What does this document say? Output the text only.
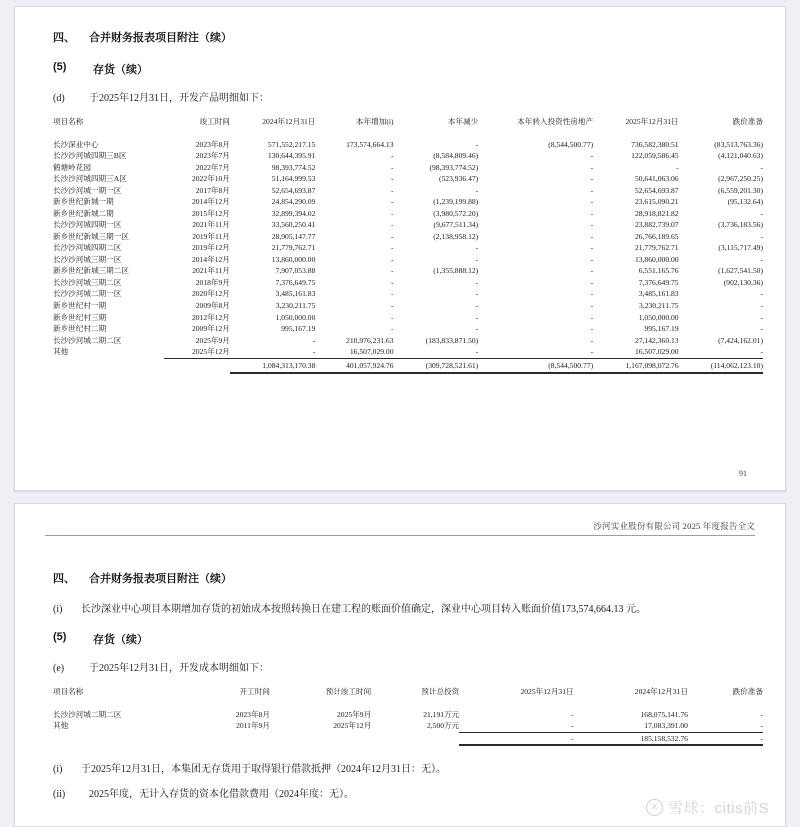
四、 合并财务报表项目附注（续）
(5)	存货（续）
(d)	于2025年12月31日，开发产品明细如下：
项目名称	竣工时间	2024年12月31日	本年增加(i)	本年减少	本年转入投资性房地产	2025年12月31日	跌价准备
长沙深业中心	2023年8月	571,552,217.15	173,574,664.13	-	(8,544,500.77)	736,582,380.51	(83,513,763.36)
长沙沙河城四期三B区	2023年7月	130,644,395.91	-	(8,584,809.46)	-	122,059,586.45	(4,121,040.63)
鹤塘岭花园	2022年7月	98,393,774.52	-	(98,393,774.52)	-	-	-
长沙沙河城四期三A区	2022年10月	51,164,999.53	-	(523,936.47)	-	50,641,063.06	(2,967,250.25)
长沙沙河城一期一区	2017年8月	52,654,693.87	-	-	-	52,654,693.87	(6,559,201.30)
新乡世纪新城一期	2014年12月	24,854,290.09	-	(1,239,199.88)	-	23,615,090.21	(95,132.64)
新乡世纪新城二期	2015年12月	32,899,394.02	-	(3,980,572.20)	-	28,918,821.82	-
长沙沙河城四期一区	2021年11月	33,560,250.41	-	(9,677,511.34)	-	23,882,739.07	(3,736,183.56)
新乡世纪新城三期一区	2019年11月	28,905,147.77	-	(2,138,958.12)	-	26,766,189.65	-
长沙沙河城四期二区	2019年12月	21,779,762.71	-	-	-	21,779,762.71	(3,115,717.49)
长沙沙河城三期一区	2014年12月	13,860,000.00	-	-	-	13,860,000.00	-
新乡世纪新城三期二区	2021年11月	7,907,053.88	-	(1,355,888.12)	-	6,551,165.76	(1,627,541.50)
长沙沙河城三期二区	2018年9月	7,376,649.75	-	-	-	7,376,649.75	(902,130.36)
长沙沙河城二期一区	2020年12月	3,485,161.83	-	-	-	3,485,161.83	-
新乡世纪村一期	2009年8月	3,230,211.75	-	-	-	3,230,211.75	-
新乡世纪村三期	2012年12月	1,050,000.00	-	-	-	1,050,000.00	-
新乡世纪村二期	2009年12月	995,167.19	-	-	-	995,167.19	-
长沙沙河城二期二区	2025年9月	-	210,976,231.63	(183,833,871.50)	-	27,142,360.13	(7,424,162.01)
其他	2025年12月	-	16,507,029.00	-	-	16,507,029.00	-
		1,084,313,170.38	401,057,924.76	(309,728,521.61)	(8,544,500.77)	1,167,098,072.76	(114,062,123.10)
91
沙河实业股份有限公司 2025 年度报告全文
四、 合并财务报表项目附注（续）
(i) 长沙深业中心项目本期增加存货的初始成本按照转换日在建工程的账面价值确定，深业中心项目转入账面价值173,574,664.13 元。
(5)	存货（续）
(e)	于2025年12月31日，开发成本明细如下：
项目名称	开工时间	预计竣工时间	预计总投资	2025年12月31日	2024年12月31日	跌价准备
长沙沙河城二期二区	2023年8月	2025年9月	21,191万元	-	168,075,141.76	-
其他	2011年9月	2025年12月	2,500万元	-	17,083,391.00	-
				-	185,158,532.76	-
(i) 于2025年12月31日，本集团无存货用于取得银行借款抵押（2024年12月31日：无）。
(ii)	2025年度，无计入存货的资本化借款费用（2024年度：无）。
X 雪球：citis前S
